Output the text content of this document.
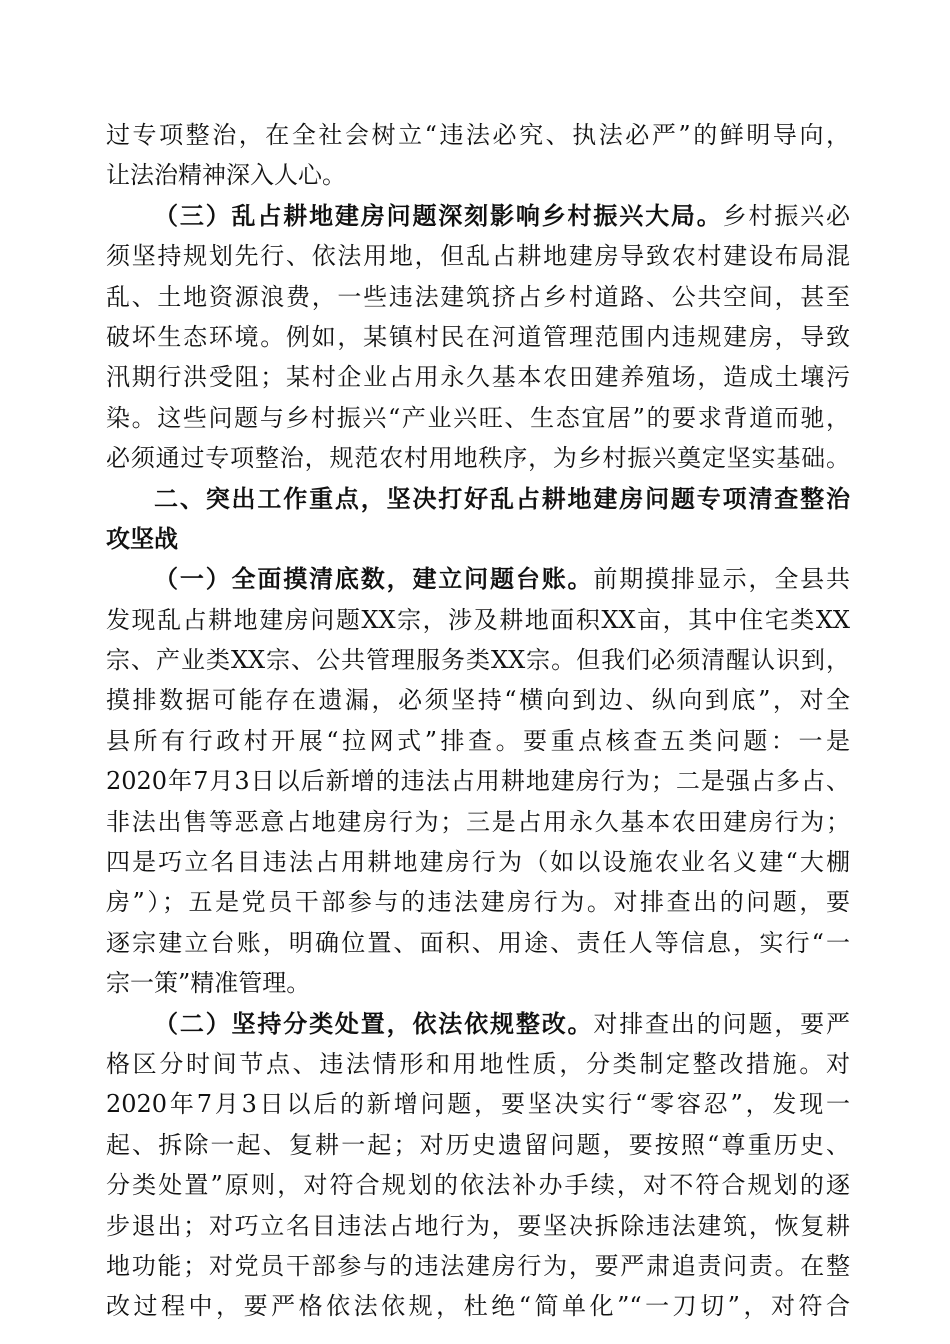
过专项整治，在全社会树立“违法必究、执法必严”的鲜明导向，
让法治精神深入人心。
（三）乱占耕地建房问题深刻影响乡村振兴大局。乡村振兴必
须坚持规划先行、依法用地，但乱占耕地建房导致农村建设布局混
乱、土地资源浪费，一些违法建筑挤占乡村道路、公共空间，甚至
破坏生态环境。例如，某镇村民在河道管理范围内违规建房，导致
汛期行洪受阻；某村企业占用永久基本农田建养殖场，造成土壤污
染。这些问题与乡村振兴“产业兴旺、生态宜居”的要求背道而驰，
必须通过专项整治，规范农村用地秩序，为乡村振兴奠定坚实基础。
二、突出工作重点，坚决打好乱占耕地建房问题专项清查整治
攻坚战
（一）全面摸清底数，建立问题台账。前期摸排显示，全县共
发现乱占耕地建房问题XX宗，涉及耕地面积XX亩，其中住宅类XX
宗、产业类XX宗、公共管理服务类XX宗。但我们必须清醒认识到，
摸排数据可能存在遗漏，必须坚持“横向到边、纵向到底”，对全
县所有行政村开展“拉网式”排查。要重点核查五类问题：一是
2020年7月3日以后新增的违法占用耕地建房行为；二是强占多占、
非法出售等恶意占地建房行为；三是占用永久基本农田建房行为；
四是巧立名目违法占用耕地建房行为（如以设施农业名义建“大棚
房”）；五是党员干部参与的违法建房行为。对排查出的问题，要
逐宗建立台账，明确位置、面积、用途、责任人等信息，实行“一
宗一策”精准管理。
（二）坚持分类处置，依法依规整改。对排查出的问题，要严
格区分时间节点、违法情形和用地性质，分类制定整改措施。对
2020年7月3日以后的新增问题，要坚决实行“零容忍”，发现一
起、拆除一起、复耕一起；对历史遗留问题，要按照“尊重历史、
分类处置”原则，对符合规划的依法补办手续，对不符合规划的逐
步退出；对巧立名目违法占地行为，要坚决拆除违法建筑，恢复耕
地功能；对党员干部参与的违法建房行为，要严肃追责问责。在整
改过程中，要严格依法依规，杜绝“简单化”“一刀切”，对符合
